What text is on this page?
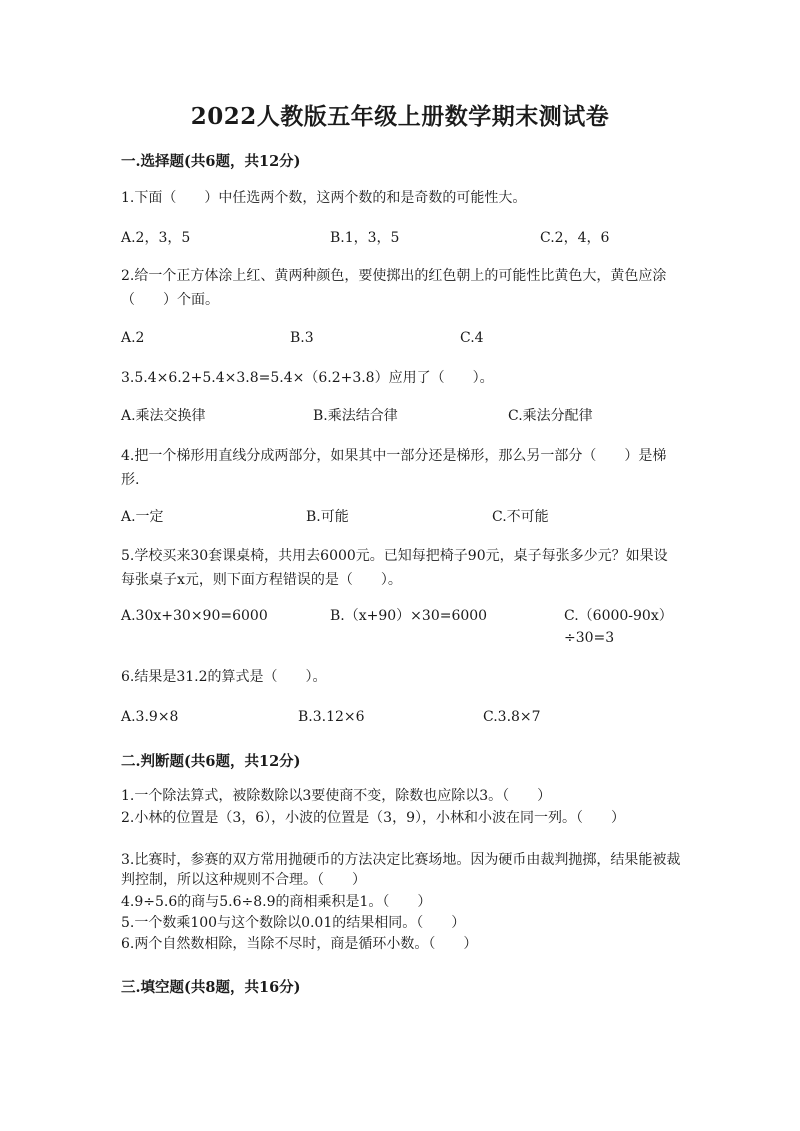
2022人教版五年级上册数学期末测试卷
一.选择题(共6题，共12分)
1.下面（　　）中任选两个数，这两个数的和是奇数的可能性大。
A.2，3，5	B.1，3，5	C.2，4，6
2.给一个正方体涂上红、黄两种颜色，要使掷出的红色朝上的可能性比黄色大，黄色应涂（　　）个面。
A.2	B.3	C.4
3.5.4×6.2+5.4×3.8=5.4×（6.2+3.8）应用了（　　）。
A.乘法交换律	B.乘法结合律	C.乘法分配律
4.把一个梯形用直线分成两部分，如果其中一部分还是梯形，那么另一部分（　　）是梯形.
A.一定	B.可能	C.不可能
5.学校买来30套课桌椅，共用去6000元。已知每把椅子90元，桌子每张多少元？如果设每张桌子x元，则下面方程错误的是（　　）。
A.30x+30×90=6000	B.（x+90）×30=6000	C.（6000-90x）÷30=3
6.结果是31.2的算式是（　　）。
A.3.9×8	B.3.12×6	C.3.8×7
二.判断题(共6题，共12分)
1.一个除法算式，被除数除以3要使商不变，除数也应除以3。（　　）
2.小林的位置是（3，6），小波的位置是（3，9），小林和小波在同一列。（　　）
3.比赛时，参赛的双方常用抛硬币的方法决定比赛场地。因为硬币由裁判抛掷，结果能被裁判控制，所以这种规则不合理。（　　）
4.9÷5.6的商与5.6÷8.9的商相乘积是1。（　　）
5.一个数乘100与这个数除以0.01的结果相同。（　　）
6.两个自然数相除，当除不尽时，商是循环小数。（　　）
三.填空题(共8题，共16分)
